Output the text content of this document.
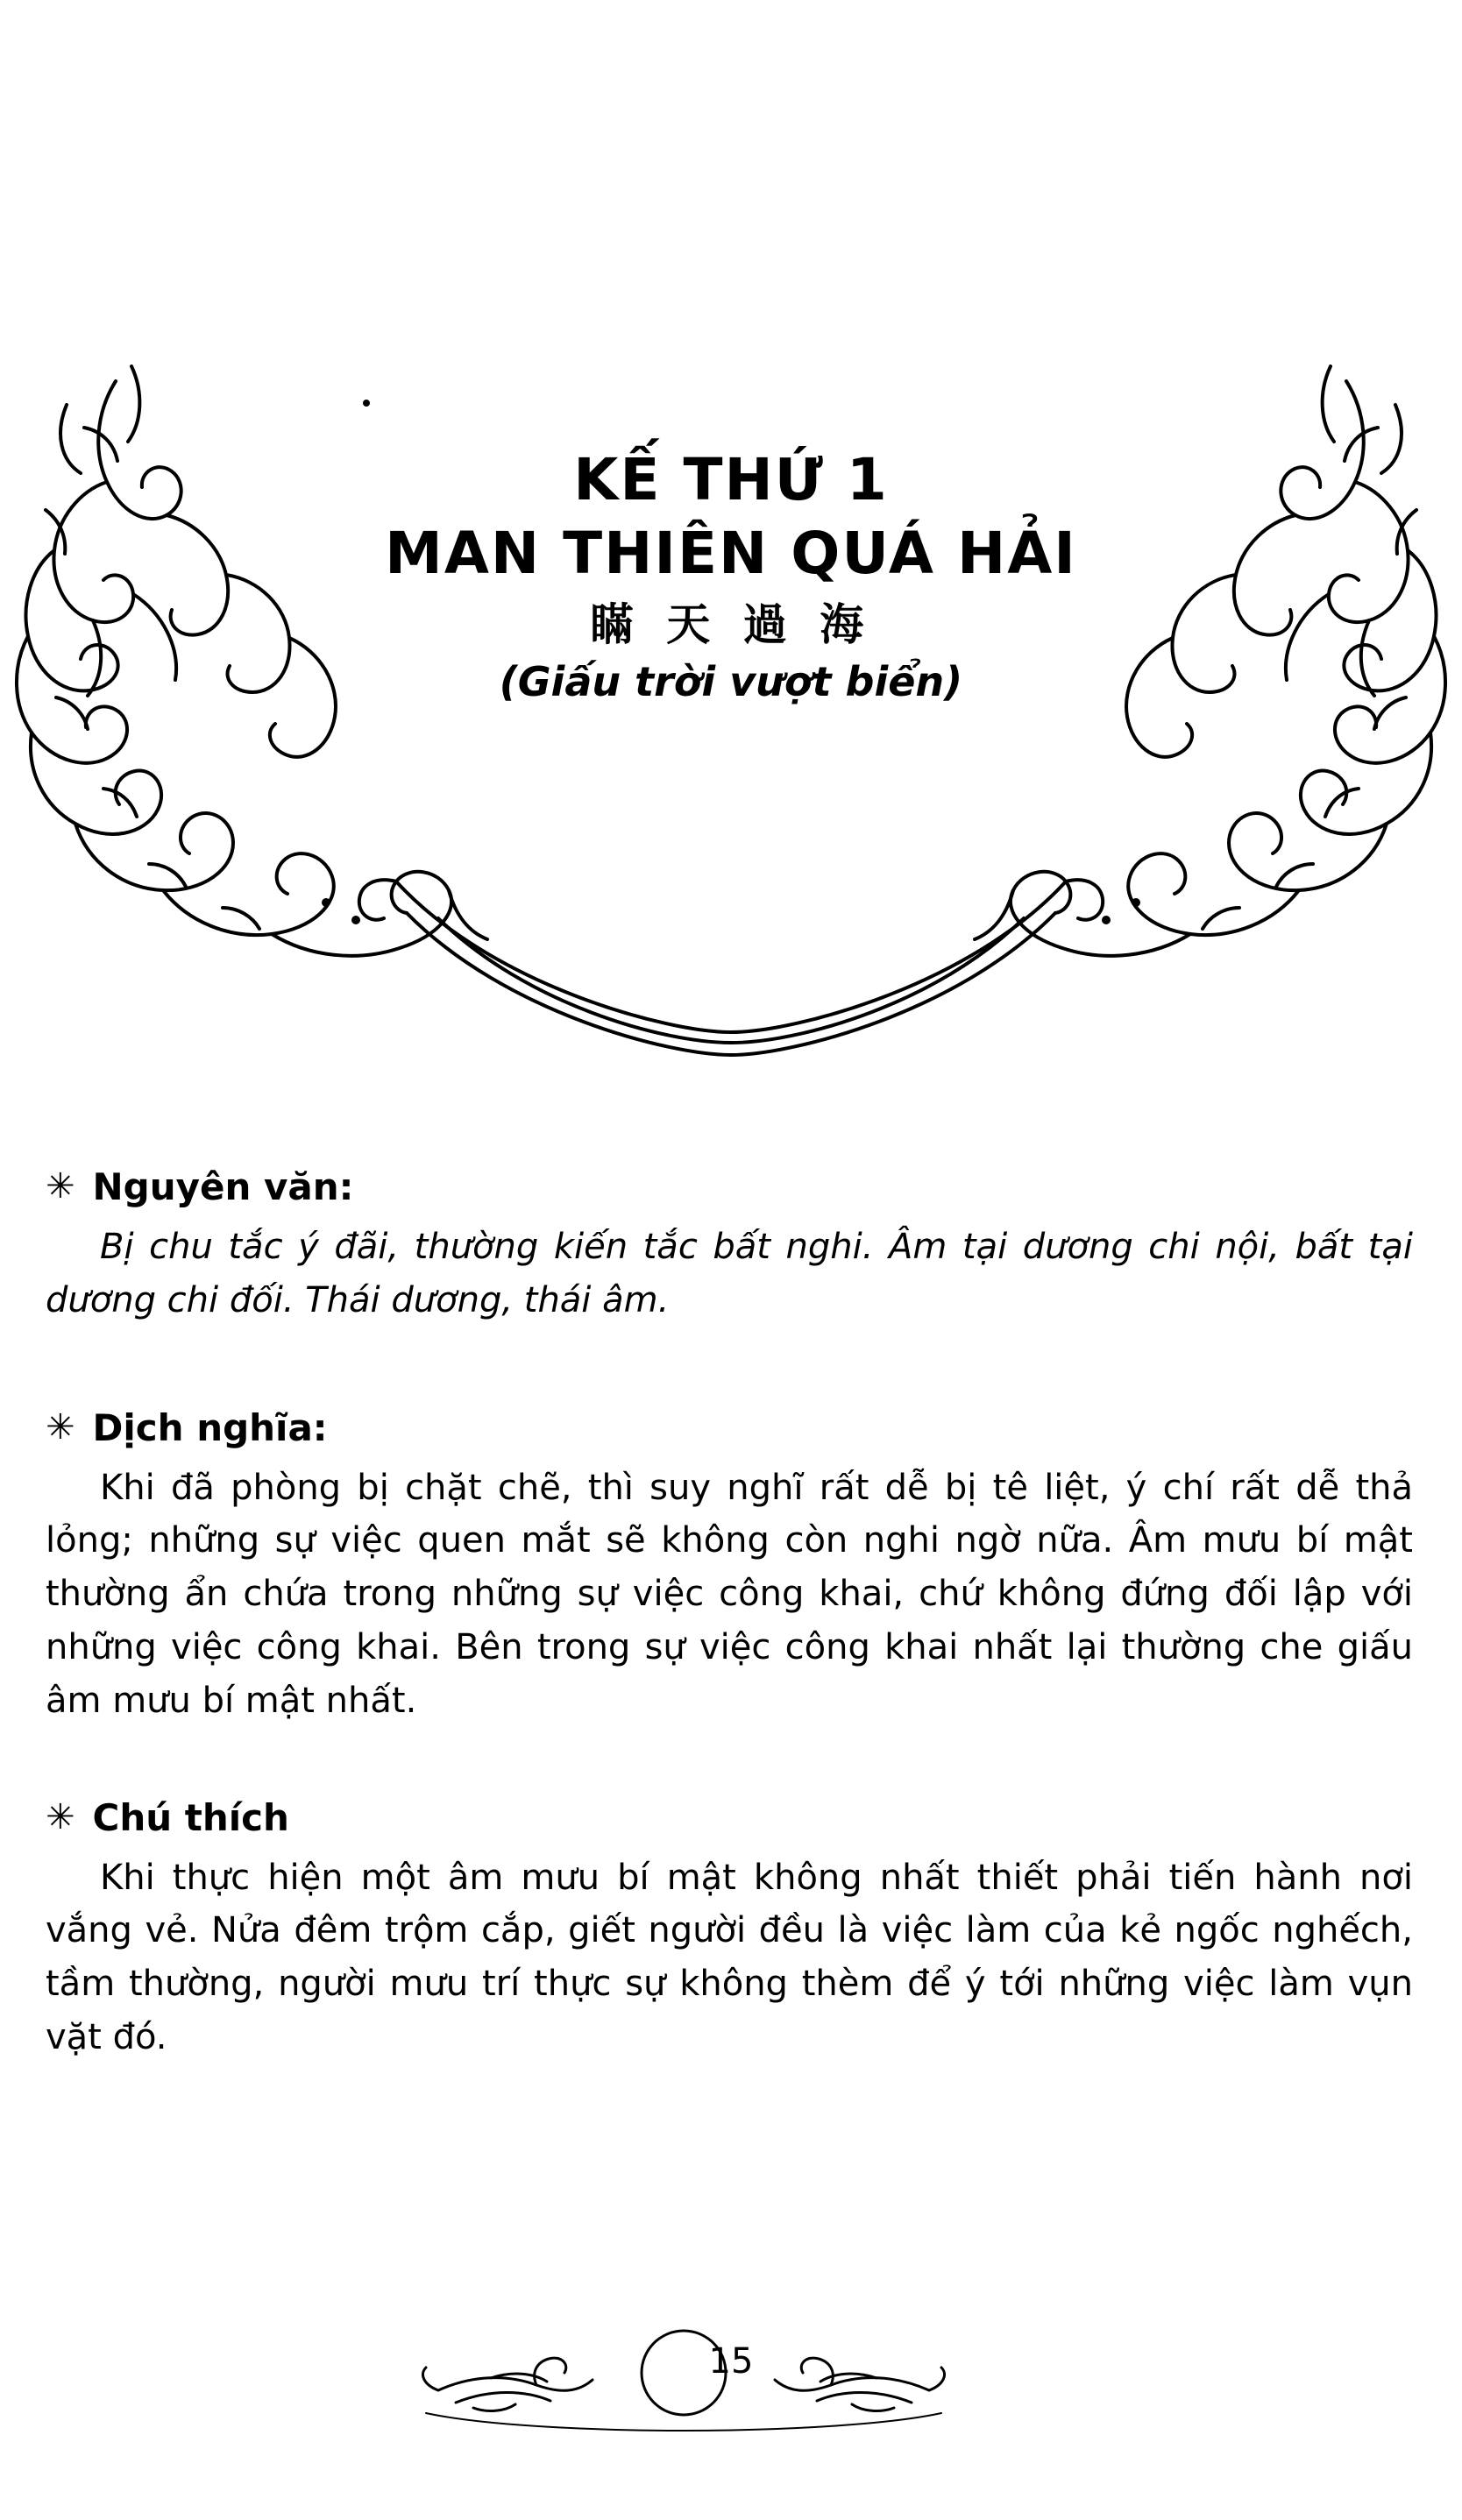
KẾ THỨ 1
MAN THIÊN QUÁ HẢI
瞞 天 過 海
(Giấu trời vượt biển)
✳ Nguyên văn:

Bị chu tắc ý đãi, thường kiến tắc bất nghi. Âm tại dương chi nội, bất tại dương chi đối. Thái dương, thái âm.

✳ Dịch nghĩa:

Khi đã phòng bị chặt chẽ, thì suy nghĩ rất dễ bị tê liệt, ý chí rất dễ thả lỏng; những sự việc quen mắt sẽ không còn nghi ngờ nữa. Âm mưu bí mật thường ẩn chứa trong những sự việc công khai, chứ không đứng đối lập với những việc công khai. Bên trong sự việc công khai nhất lại thường che giấu âm mưu bí mật nhất.

✳ Chú thích

Khi thực hiện một âm mưu bí mật không nhất thiết phải tiến hành nơi vắng vẻ. Nửa đêm trộm cắp, giết người đều là việc làm của kẻ ngốc nghếch, tầm thường, người mưu trí thực sự không thèm để ý tới những việc làm vụn vặt đó.

15
